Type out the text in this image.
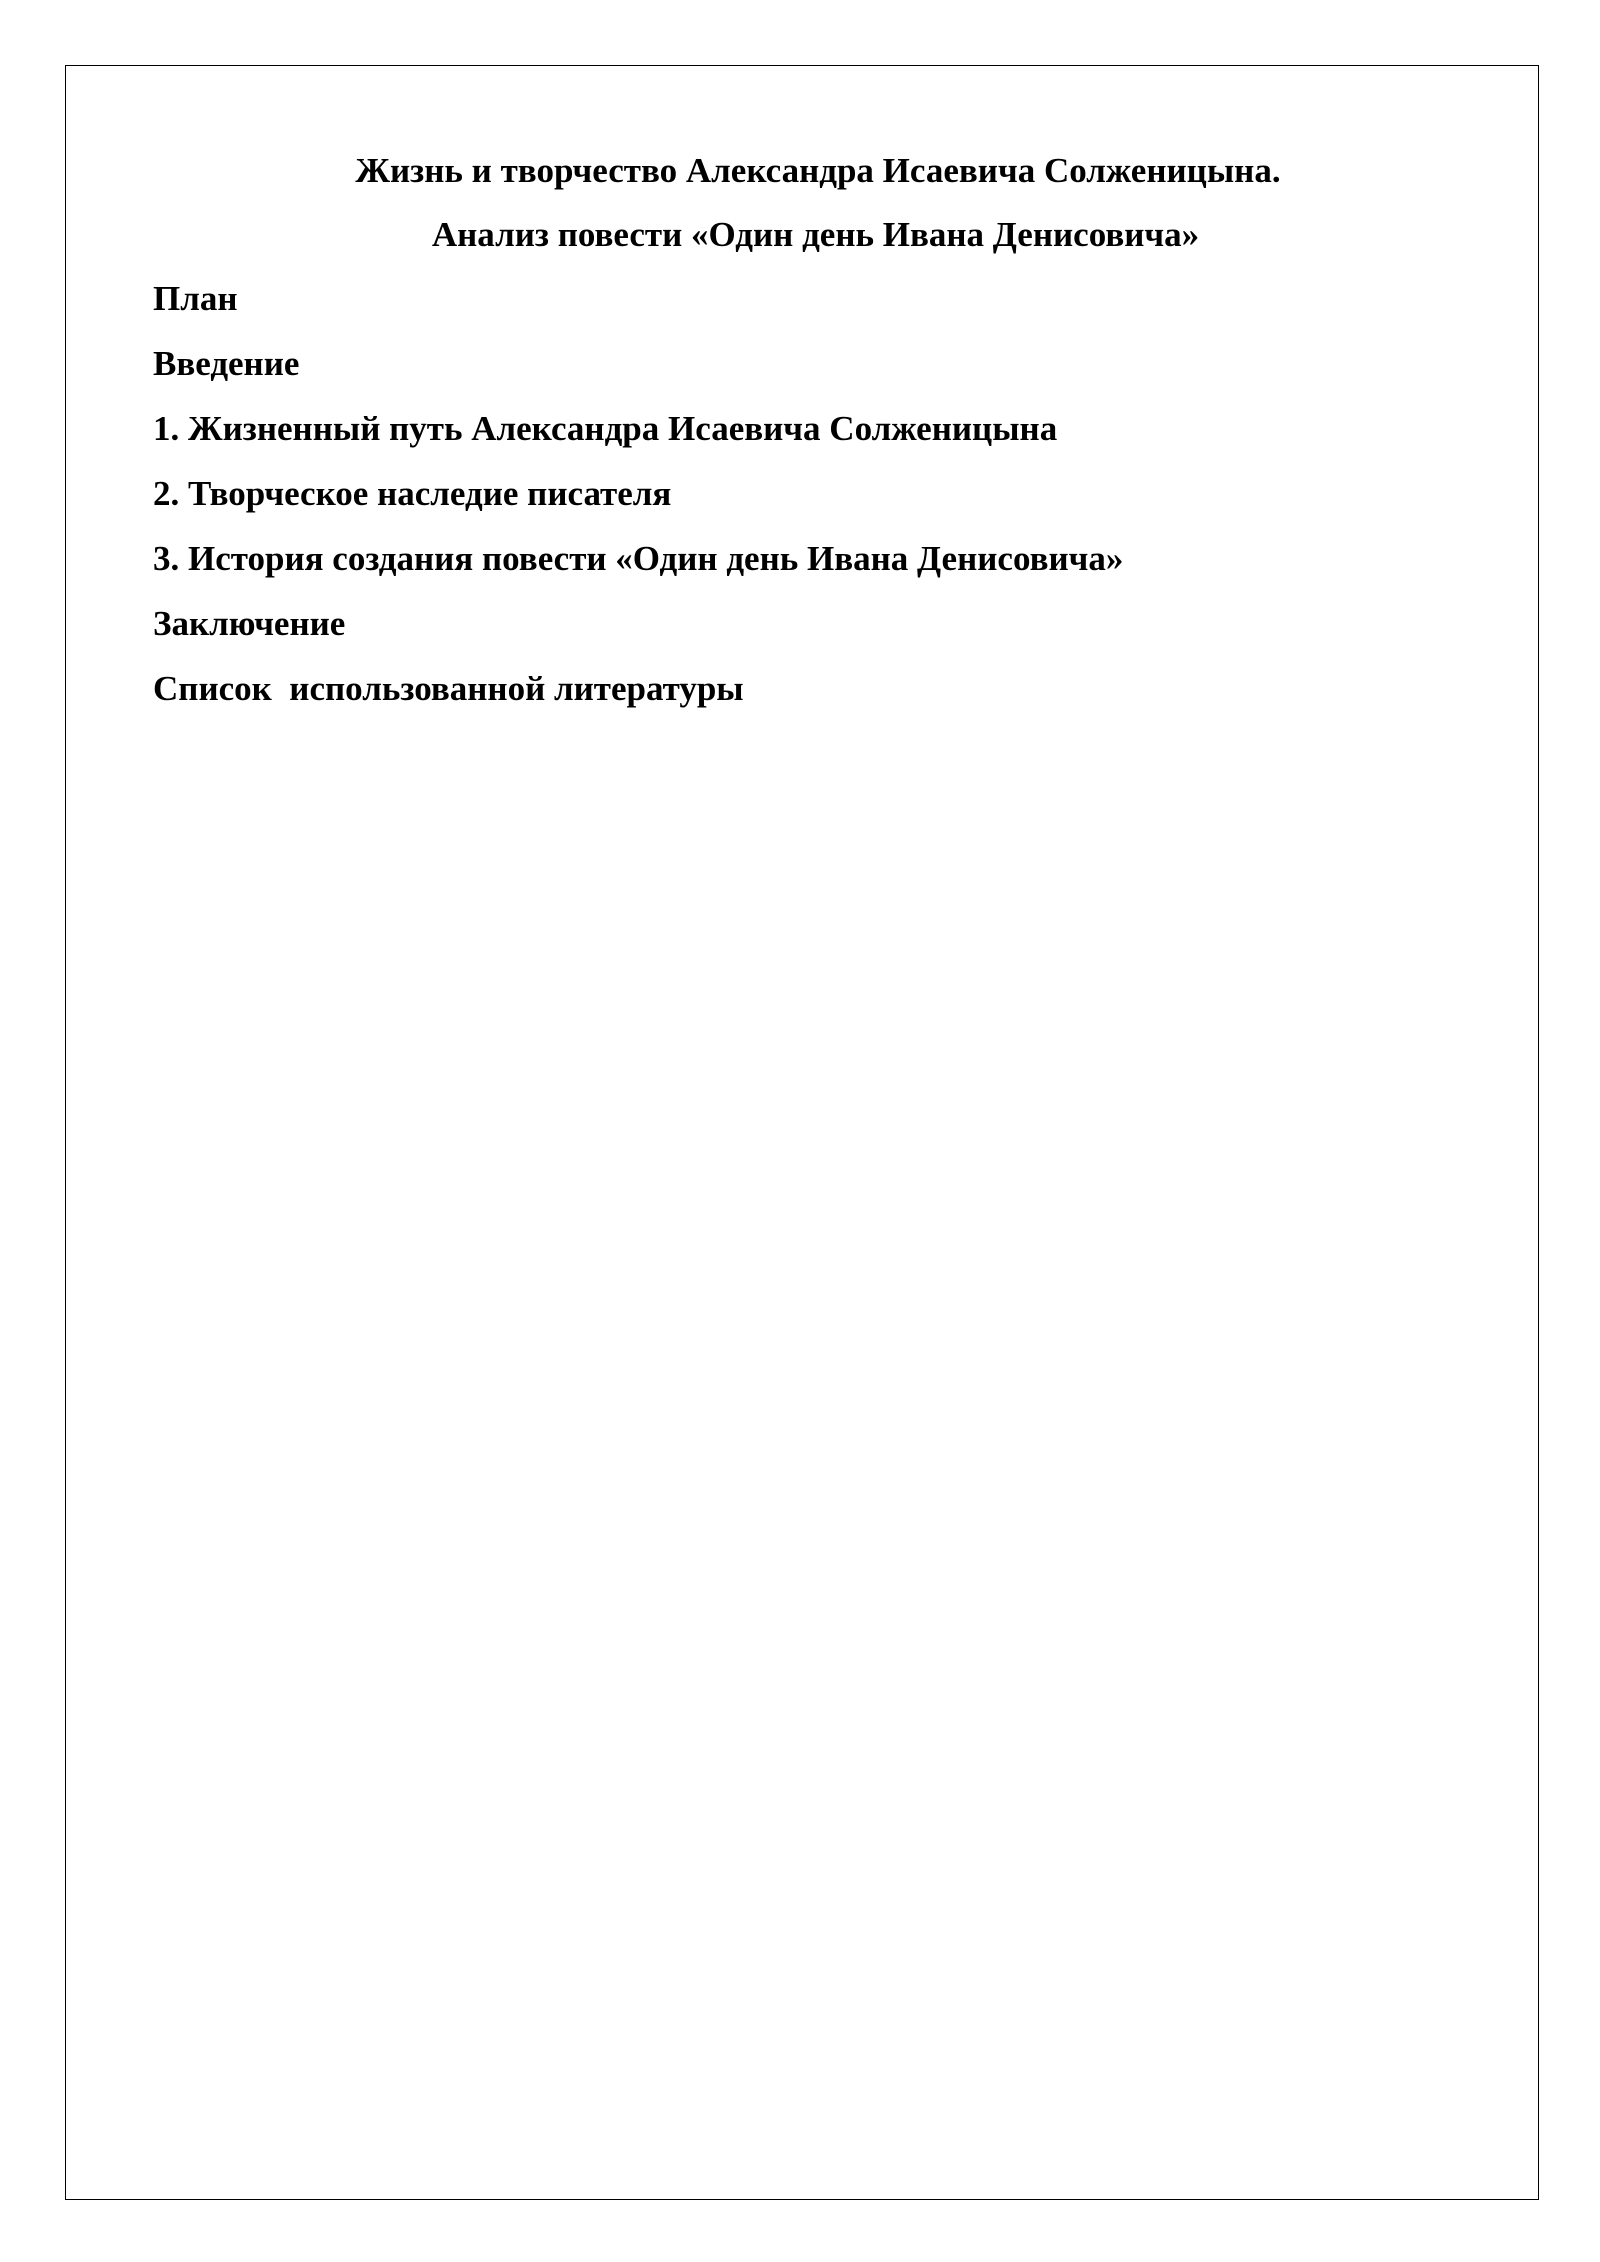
Жизнь и творчество Александра Исаевича Солженицына.
Анализ повести «Один день Ивана Денисовича»
План
Введение
1. Жизненный путь Александра Исаевича Солженицына
2. Творческое наследие писателя
3. История создания повести «Один день Ивана Денисовича»
Заключение
Список  использованной литературы
